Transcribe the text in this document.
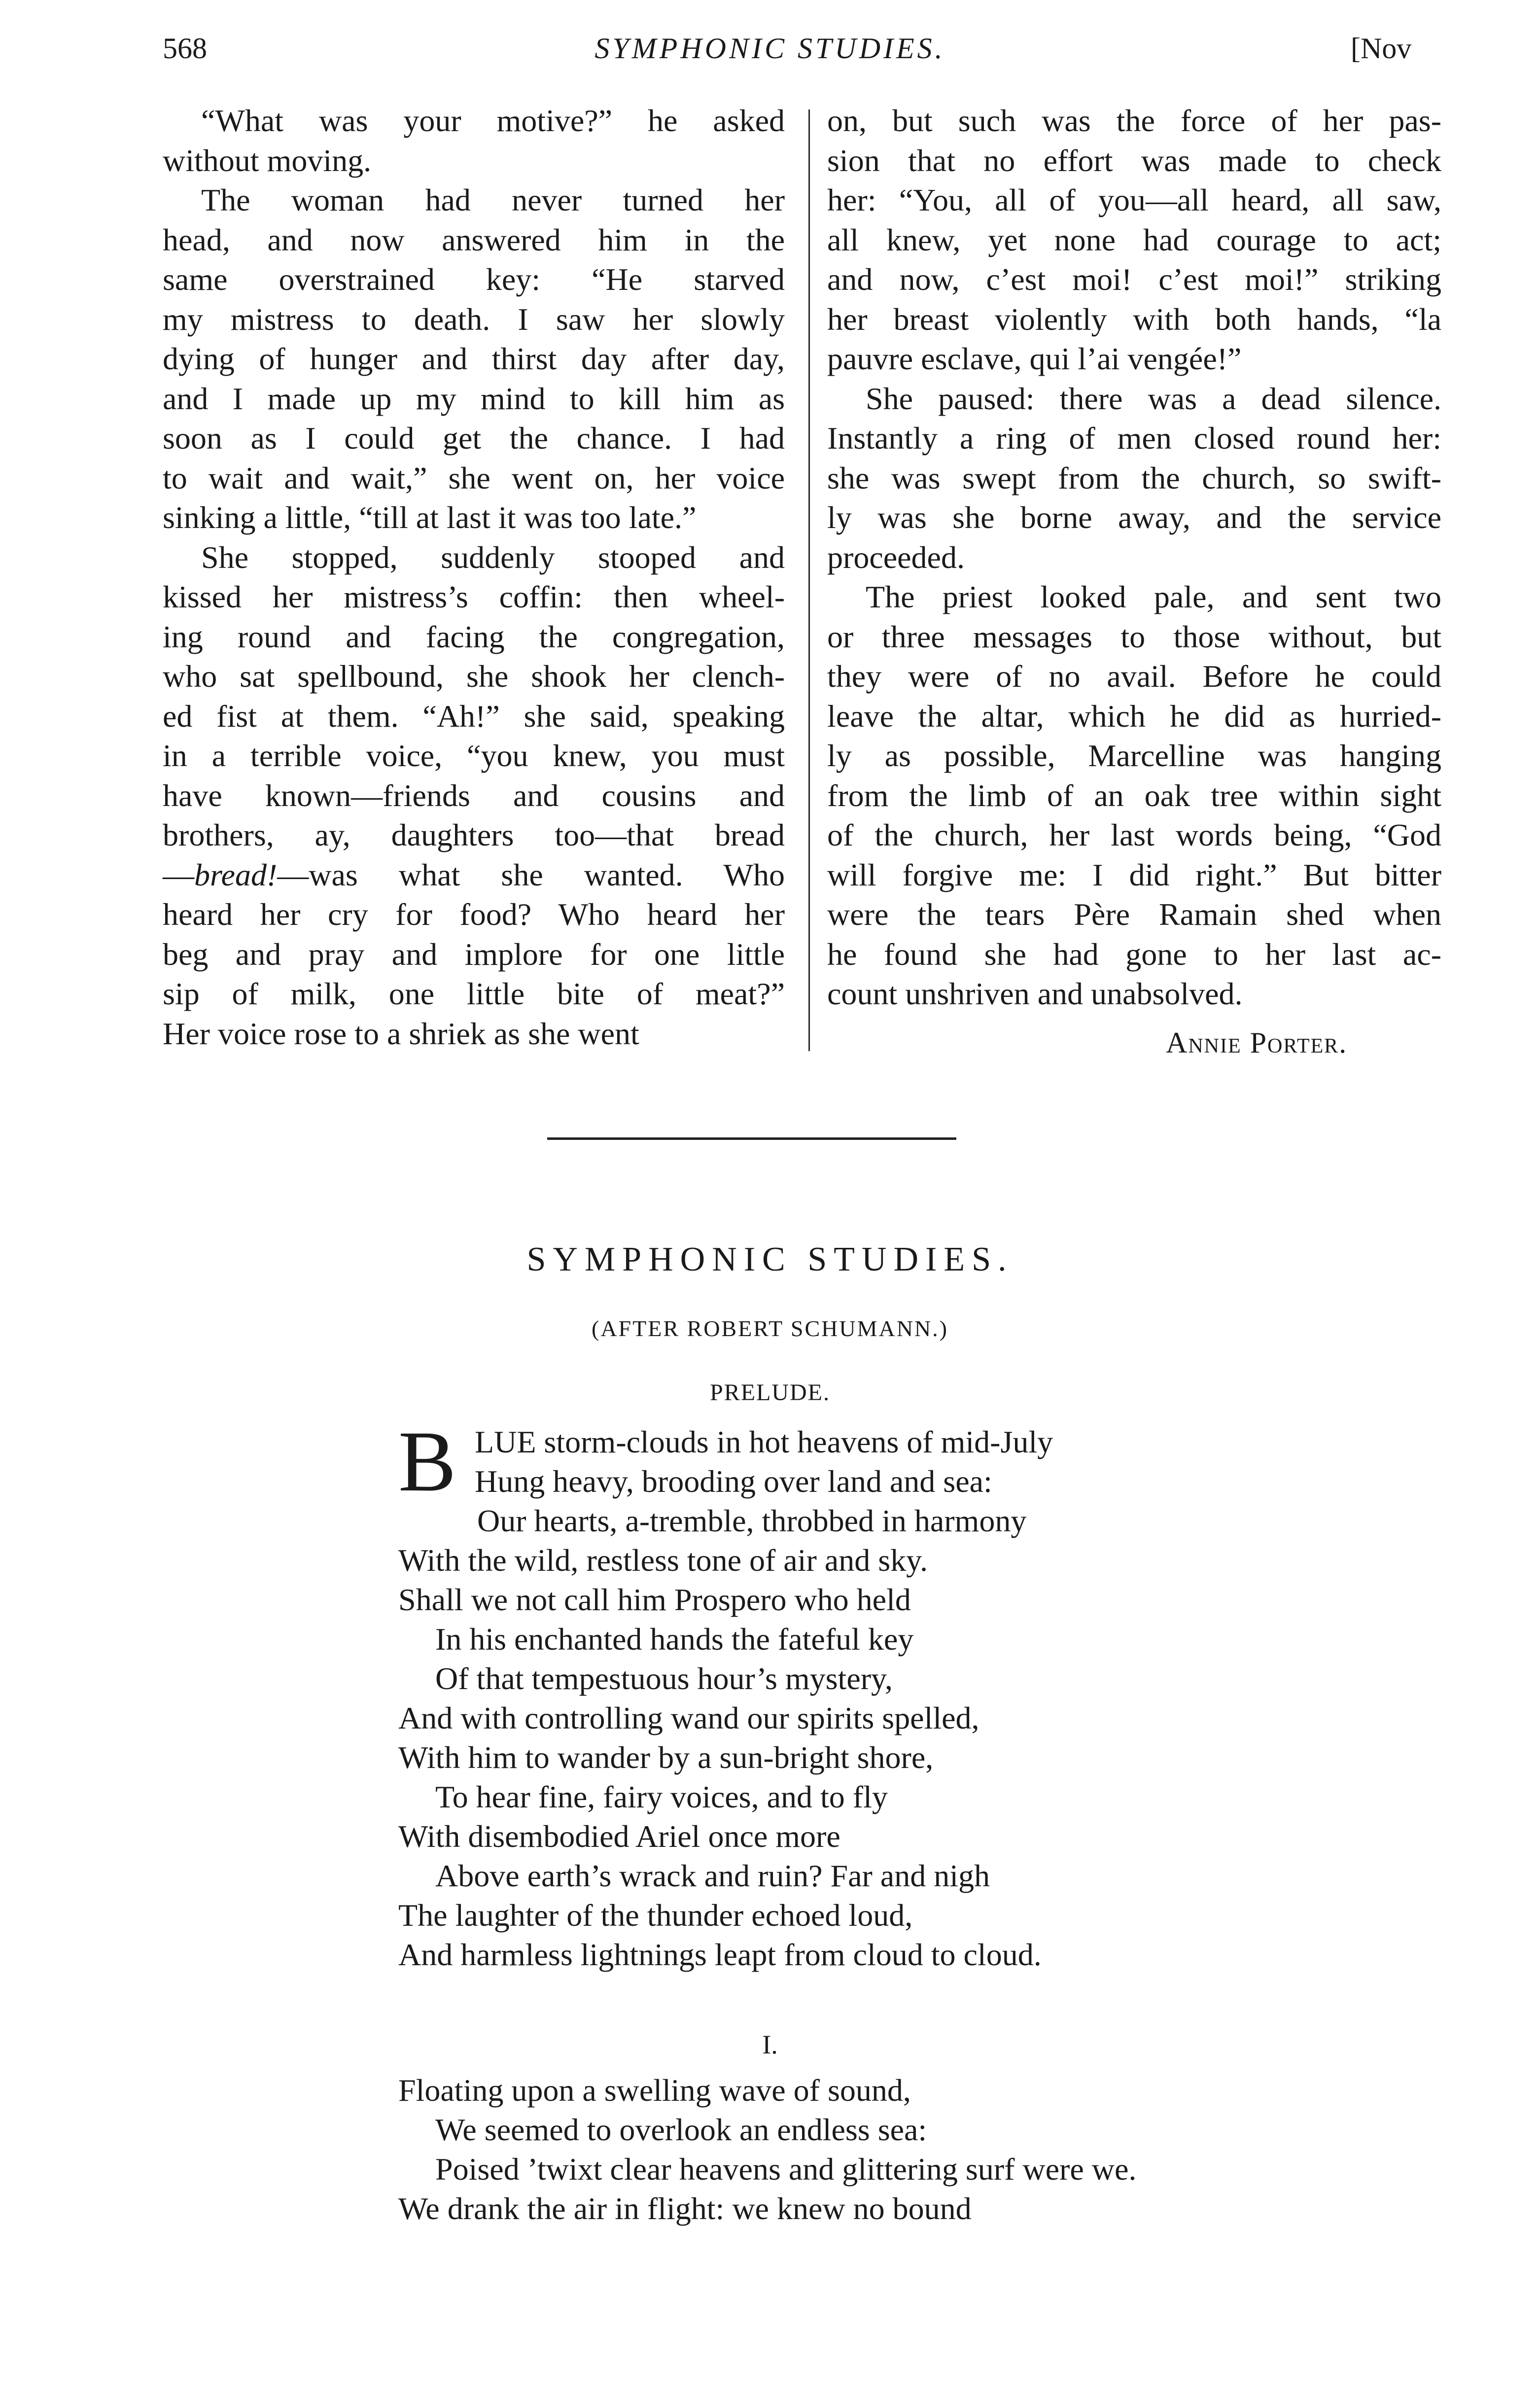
568	SYMPHONIC STUDIES.	[Nov
“What was your motive?” he asked
without moving.
The woman had never turned her
head, and now answered him in the
same overstrained key: “He starved
my mistress to death. I saw her slowly
dying of hunger and thirst day after day,
and I made up my mind to kill him as
soon as I could get the chance. I had
to wait and wait,” she went on, her voice
sinking a little, “till at last it was too late.”
She stopped, suddenly stooped and
kissed her mistress’s coffin: then wheel-
ing round and facing the congregation,
who sat spellbound, she shook her clench-
ed fist at them. “Ah!” she said, speaking
in a terrible voice, “you knew, you must
have known—friends and cousins and
brothers, ay, daughters too—that bread
—bread!—was what she wanted. Who
heard her cry for food? Who heard her
beg and pray and implore for one little
sip of milk, one little bite of meat?”
Her voice rose to a shriek as she went
on, but such was the force of her pas-
sion that no effort was made to check
her: “You, all of you—all heard, all saw,
all knew, yet none had courage to act;
and now, c’est moi! c’est moi!” striking
her breast violently with both hands, “la
pauvre esclave, qui l’ai vengée!”
She paused: there was a dead silence.
Instantly a ring of men closed round her:
she was swept from the church, so swift-
ly was she borne away, and the service
proceeded.
The priest looked pale, and sent two
or three messages to those without, but
they were of no avail. Before he could
leave the altar, which he did as hurried-
ly as possible, Marcelline was hanging
from the limb of an oak tree within sight
of the church, her last words being, “God
will forgive me: I did right.” But bitter
were the tears Père Ramain shed when
he found she had gone to her last ac-
count unshriven and unabsolved.
Annie Porter.
SYMPHONIC STUDIES.
(AFTER ROBERT SCHUMANN.)
PRELUDE.
B LUE storm-clouds in hot heavens of mid-July
Hung heavy, brooding over land and sea:
Our hearts, a-tremble, throbbed in harmony
With the wild, restless tone of air and sky.
Shall we not call him Prospero who held
In his enchanted hands the fateful key
Of that tempestuous hour’s mystery,
And with controlling wand our spirits spelled,
With him to wander by a sun-bright shore,
To hear fine, fairy voices, and to fly
With disembodied Ariel once more
Above earth’s wrack and ruin? Far and nigh
The laughter of the thunder echoed loud,
And harmless lightnings leapt from cloud to cloud.
I.
Floating upon a swelling wave of sound,
We seemed to overlook an endless sea:
Poised ’twixt clear heavens and glittering surf were we.
We drank the air in flight: we knew no bound
